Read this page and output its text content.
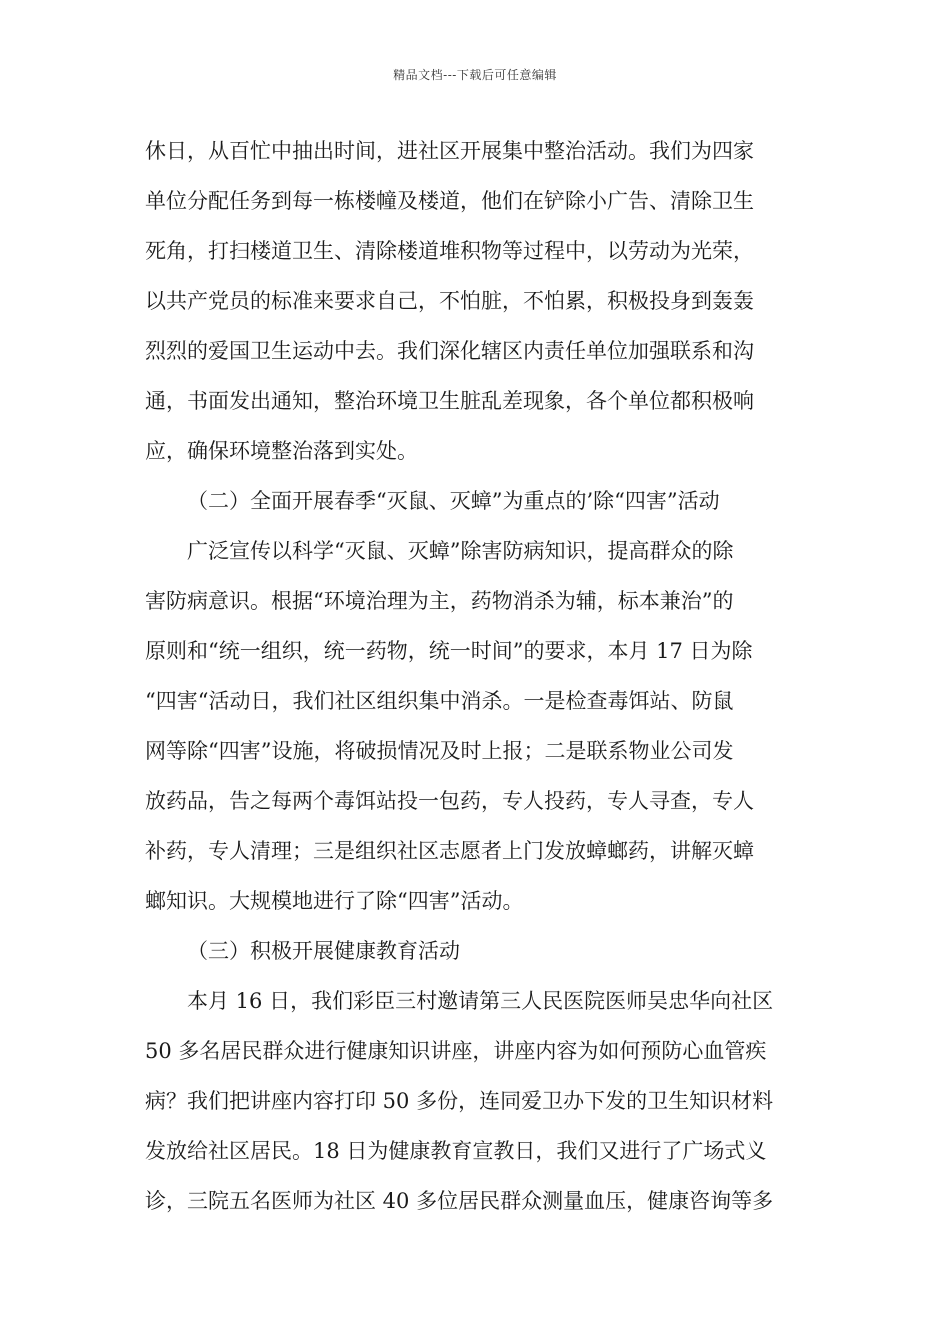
精品文档---下载后可任意编辑
休日，从百忙中抽出时间，进社区开展集中整治活动。我们为四家
单位分配任务到每一栋楼幢及楼道，他们在铲除小广告、清除卫生
死角，打扫楼道卫生、清除楼道堆积物等过程中，以劳动为光荣，
以共产党员的标准来要求自己，不怕脏，不怕累，积极投身到轰轰
烈烈的爱国卫生运动中去。我们深化辖区内责任单位加强联系和沟
通，书面发出通知，整治环境卫生脏乱差现象，各个单位都积极响
应，确保环境整治落到实处。
（二）全面开展春季“灭鼠、灭蟑”为重点的’除“四害”活动
广泛宣传以科学“灭鼠、灭蟑”除害防病知识，提高群众的除
害防病意识。根据“环境治理为主，药物消杀为辅，标本兼治”的
原则和“统一组织，统一药物，统一时间”的要求，本月 17 日为除
“四害“活动日，我们社区组织集中消杀。一是检查毒饵站、防鼠
网等除“四害”设施，将破损情况及时上报；二是联系物业公司发
放药品，告之每两个毒饵站投一包药，专人投药，专人寻查，专人
补药，专人清理；三是组织社区志愿者上门发放蟑螂药，讲解灭蟑
螂知识。大规模地进行了除“四害”活动。
（三）积极开展健康教育活动
本月 16 日，我们彩臣三村邀请第三人民医院医师吴忠华向社区
50 多名居民群众进行健康知识讲座，讲座内容为如何预防心血管疾
病？我们把讲座内容打印 50 多份，连同爱卫办下发的卫生知识材料
发放给社区居民。18 日为健康教育宣教日，我们又进行了广场式义
诊，三院五名医师为社区 40 多位居民群众测量血压，健康咨询等多
